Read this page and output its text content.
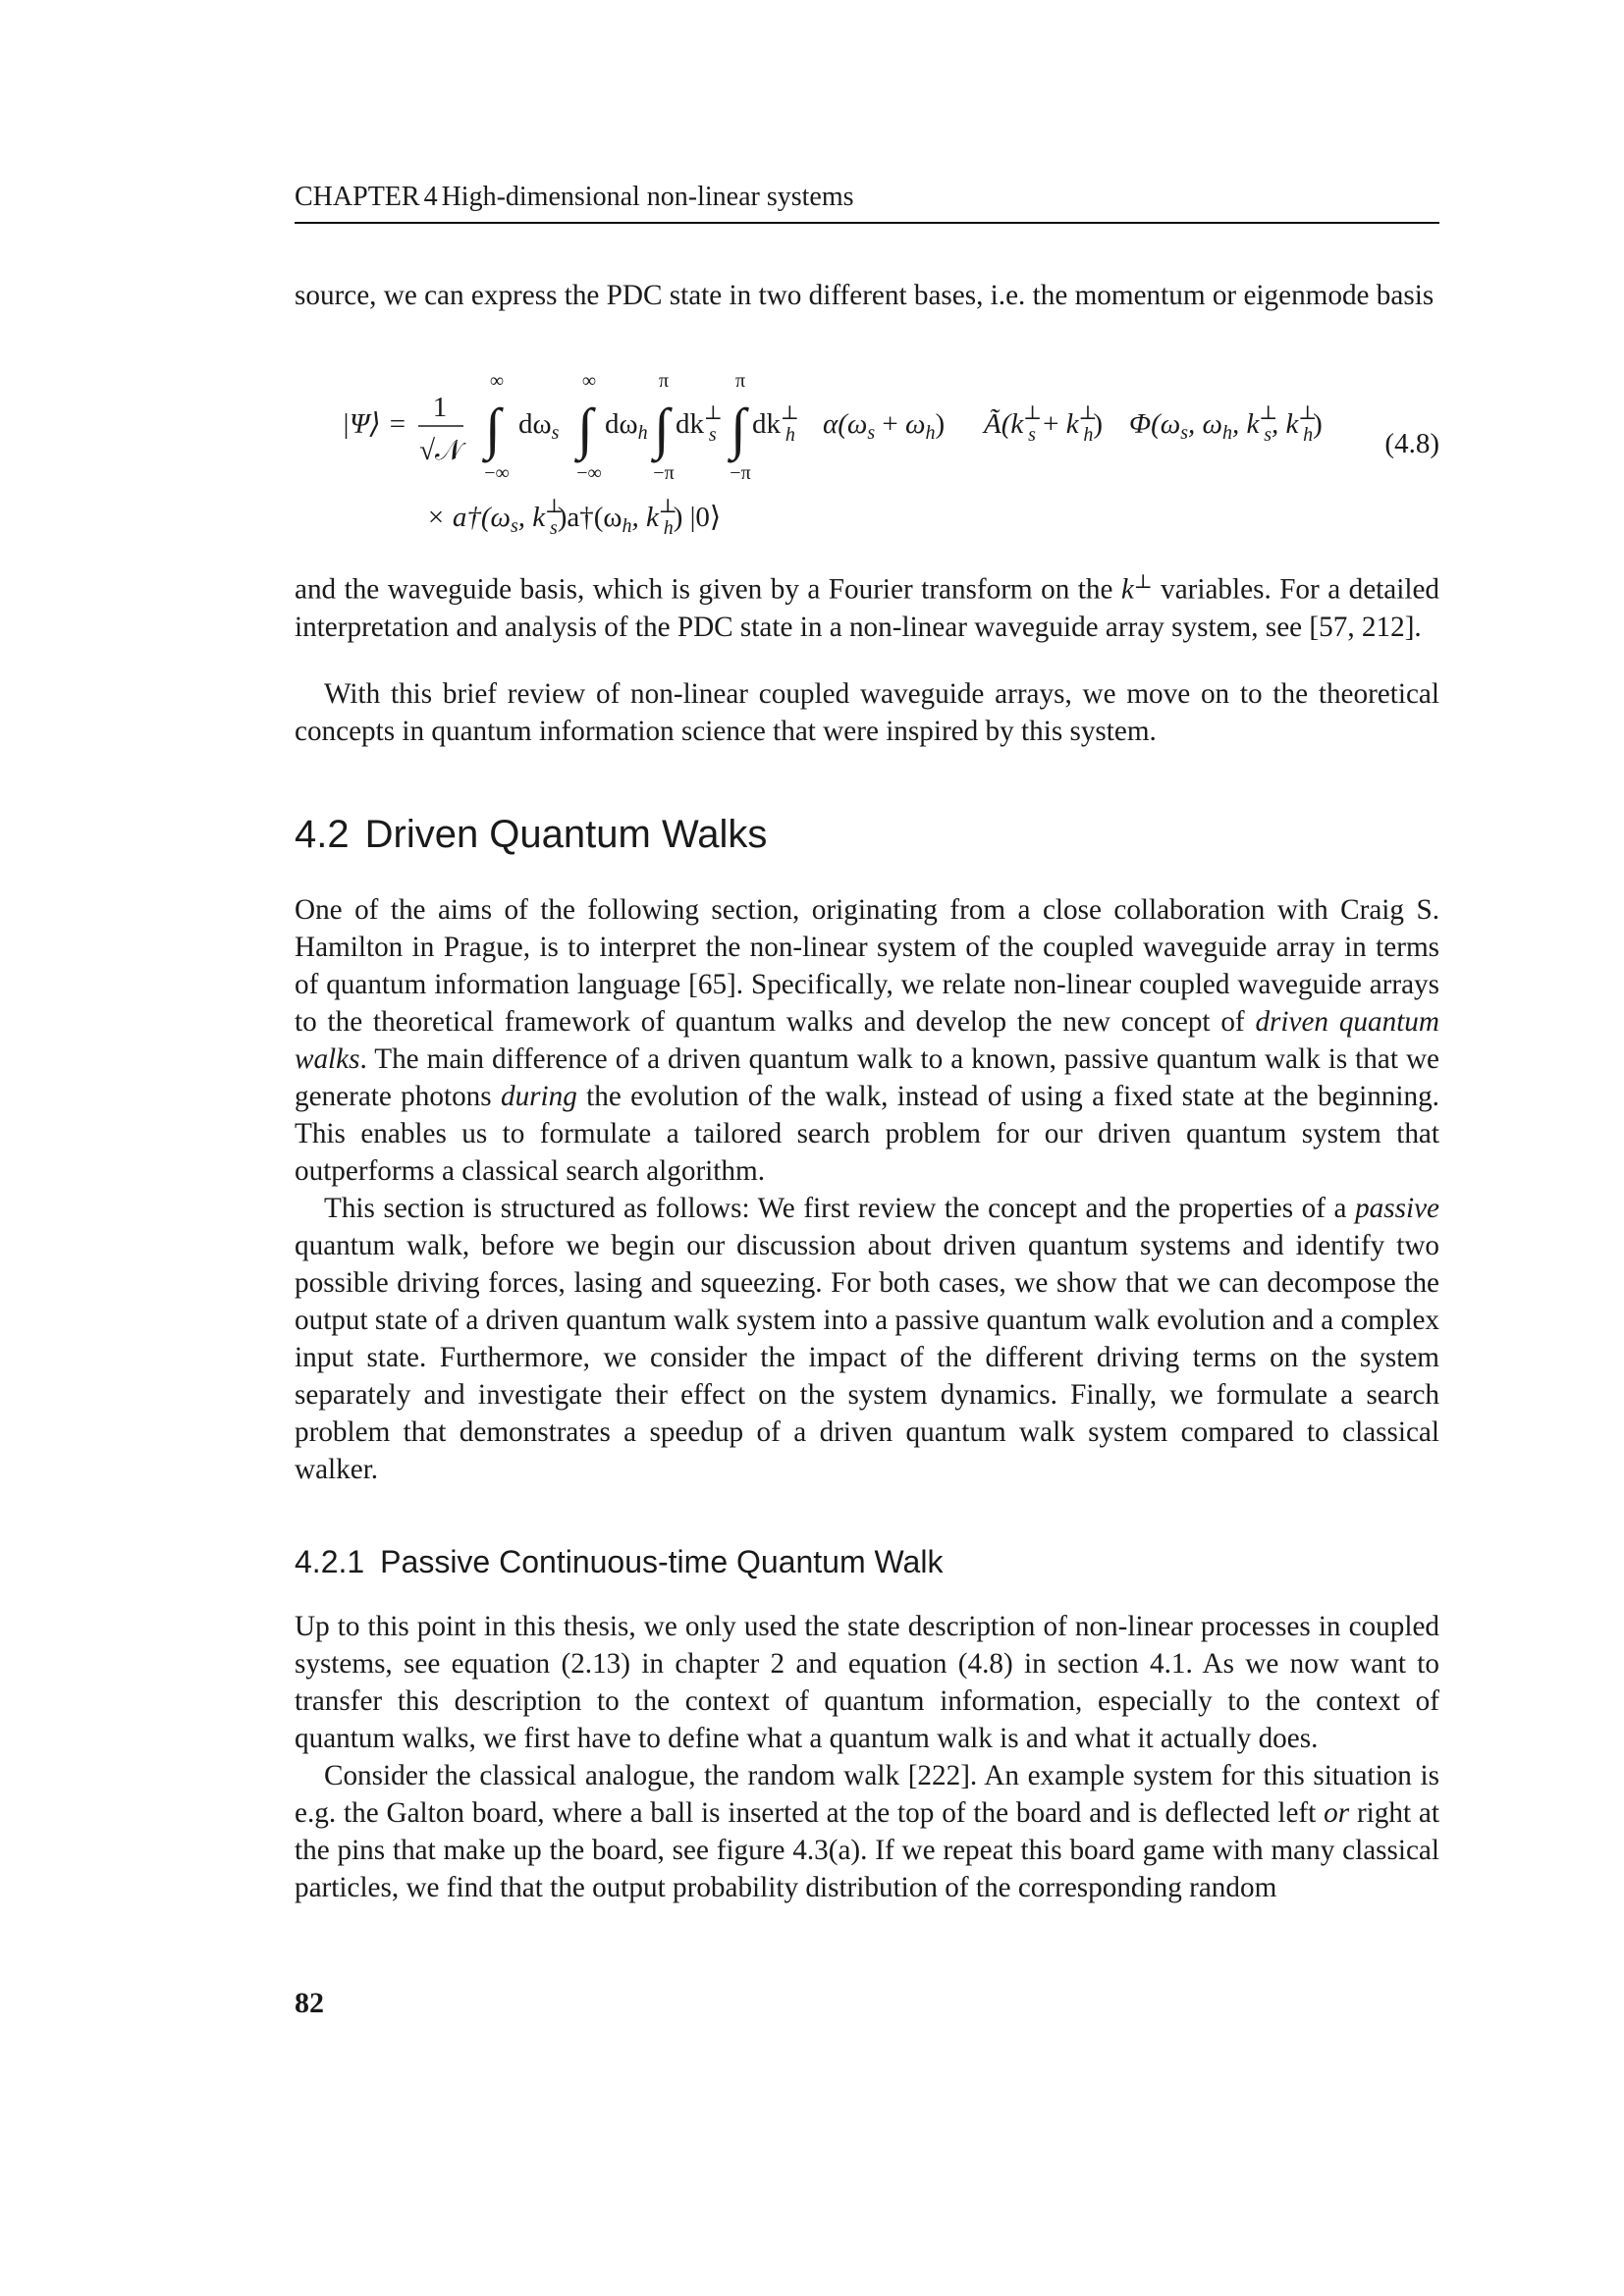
CHAPTER 4 High-dimensional non-linear systems

source, we can express the PDC state in two different bases, i.e. the momentum or eigenmode basis

|Ψ⟩ =
1
√𝒩
∞
∫
−∞
$d\omega_s$
∞
∫
−∞
$d\omega_h$
π
∫
−π
dk⊥ s
π
∫
−π
dk⊥ h $\alpha(\omega_s + \omega_h)$ Ã(k⊥ s + k⊥ h) $\Phi(\omega_s$, $\omega_h$, k⊥ s, k⊥ h)
× $a\dagger(\omega_s$, k⊥ $s)a\dagger(\omega_h$, k⊥ h) |0⟩
(4.8)

and the waveguide basis, which is given by a Fourier transform on the k⊥ variables. For a detailed interpretation and analysis of the PDC state in a non-linear waveguide array system, see [57, 212].

With this brief review of non-linear coupled waveguide arrays, we move on to the theoretical concepts in quantum information science that were inspired by this system.

4.2 Driven Quantum Walks

One of the aims of the following section, originating from a close collaboration with Craig S. Hamilton in Prague, is to interpret the non-linear system of the coupled waveguide array in terms of quantum information language [65]. Specifically, we relate non-linear coupled waveguide arrays to the theoretical framework of quantum walks and develop the new concept of driven quantum walks. The main difference of a driven quantum walk to a known, passive quantum walk is that we generate photons during the evolution of the walk, instead of using a fixed state at the beginning. This enables us to formulate a tailored search problem for our driven quantum system that outperforms a classical search algorithm.

This section is structured as follows: We first review the concept and the properties of a passive quantum walk, before we begin our discussion about driven quantum systems and identify two possible driving forces, lasing and squeezing. For both cases, we show that we can decompose the output state of a driven quantum walk system into a passive quantum walk evolution and a complex input state. Furthermore, we consider the impact of the different driving terms on the system separately and investigate their effect on the system dynamics. Finally, we formulate a search problem that demonstrates a speedup of a driven quantum walk system compared to classical walker.

4.2.1 Passive Continuous-time Quantum Walk

Up to this point in this thesis, we only used the state description of non-linear processes in coupled systems, see equation (2.13) in chapter 2 and equation (4.8) in section 4.1. As we now want to transfer this description to the context of quantum information, especially to the context of quantum walks, we first have to define what a quantum walk is and what it actually does.

Consider the classical analogue, the random walk [222]. An example system for this situation is e.g. the Galton board, where a ball is inserted at the top of the board and is deflected left or right at the pins that make up the board, see figure 4.3(a). If we repeat this board game with many classical particles, we find that the output probability distribution of the corresponding random

82
